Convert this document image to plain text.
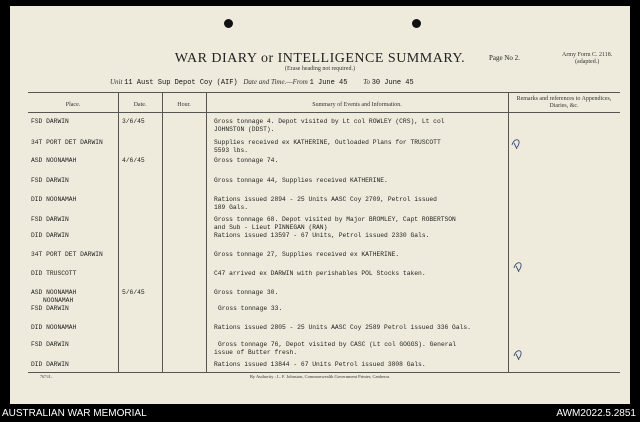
WAR DIARY or INTELLIGENCE SUMMARY.
(Erase heading not required.)
Page No 2.	Army Form C. 2118.
(adapted.)
Unit 11 Aust Sup Depot Coy (AIF) Date and Time.—From 1 June 45 To 30 June 45
Place.	Date.	Hour.	Summary of Events and Information.
Remarks and references to Appendices, Diaries, &c.
FSD DARWIN	3/6/45	Gross tonnage 4. Depot visited by Lt col ROWLEY (CRS), Lt col
JOHNSTON (DDST).
34T PORT DET DARWIN	Supplies received ex KATHERINE, Outloaded Plans for TRUSCOTT
5593 lbs.
ASD NOONAMAH	4/6/45	Gross tonnage 74.
FSD DARWIN	Gross tonnage 44, Supplies received KATHERINE.
DID NOONAMAH	Rations issued 2894 - 25 Units AASC Coy 2709, Petrol issued
189 Gals.
FSD DARWIN	Gross tonnage 68. Depot visited by Major BROMLEY, Capt ROBERTSON
and Sub - Lieut PINNEGAN (RAN)
DID DARWIN	Rations issued 13597 - 67 Units, Petrol issued 2330 Gals.
34T PORT DET DARWIN	Gross tonnage 27, Supplies received ex KATHERINE.
DID TRUSCOTT	C47 arrived ex DARWIN with perishables POL Stocks taken.
ASD NOONAMAH	5/6/45	Gross tonnage 30.
NOONAMAH
FSD DARWIN	Gross tonnage 33.
DID NOONAMAH	Rations issued 2805 - 25 Units AASC Coy 2589 Petrol issued 336 Gals.
FSD DARWIN	Gross tonnage 76, Depot visited by CASC (Lt col GOGGS). General
issue of Butter fresh.
DID DARWIN	Rations issued 13844 - 67 Units Petrol issued 3808 Gals.
7671/L.	By Authority : L. F. Johnston, Commonwealth Government Printer, Canberra.
AUSTRALIAN WAR MEMORIAL	AWM2022.5.2851
